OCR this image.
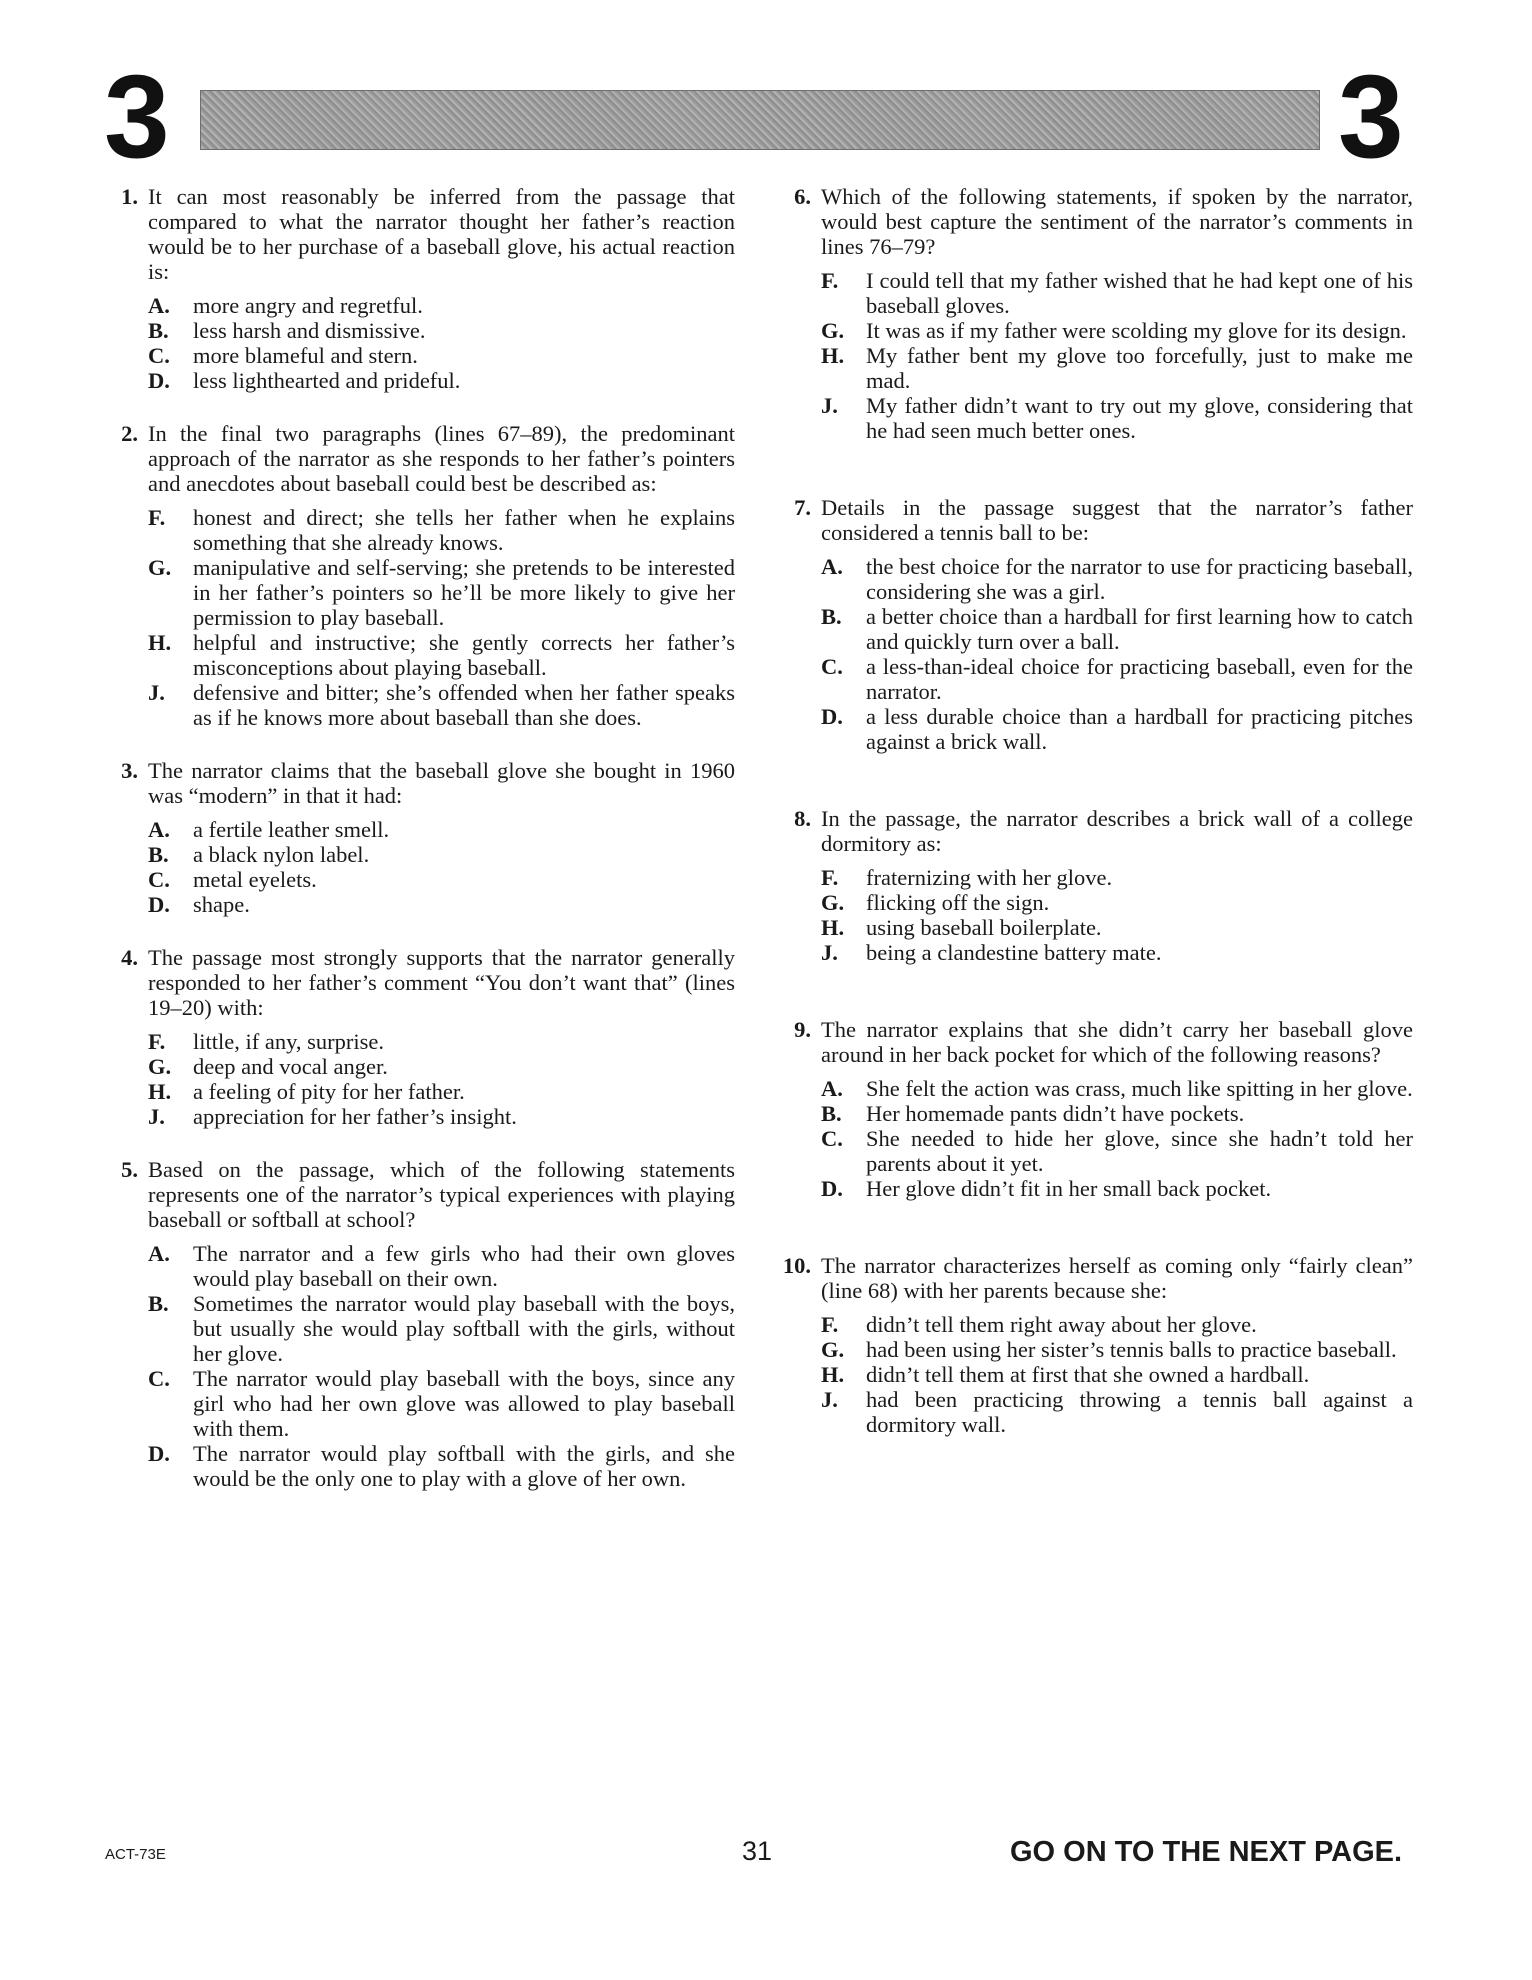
3	3
1. It can most reasonably be inferred from the passage that compared to what the narrator thought her father’s reaction would be to her purchase of a baseball glove, his actual reaction is:
A. more angry and regretful.
B. less harsh and dismissive.
C. more blameful and stern.
D. less lighthearted and prideful.
2. In the final two paragraphs (lines 67–89), the predominant approach of the narrator as she responds to her father’s pointers and anecdotes about baseball could best be described as:
F. honest and direct; she tells her father when he explains something that she already knows.
G. manipulative and self-serving; she pretends to be interested in her father’s pointers so he’ll be more likely to give her permission to play baseball.
H. helpful and instructive; she gently corrects her father’s misconceptions about playing baseball.
J. defensive and bitter; she’s offended when her father speaks as if he knows more about baseball than she does.
3. The narrator claims that the baseball glove she bought in 1960 was “modern” in that it had:
A. a fertile leather smell.
B. a black nylon label.
C. metal eyelets.
D. shape.
4. The passage most strongly supports that the narrator generally responded to her father’s comment “You don’t want that” (lines 19–20) with:
F. little, if any, surprise.
G. deep and vocal anger.
H. a feeling of pity for her father.
J. appreciation for her father’s insight.
5. Based on the passage, which of the following statements represents one of the narrator’s typical experiences with playing baseball or softball at school?
A. The narrator and a few girls who had their own gloves would play baseball on their own.
B. Sometimes the narrator would play baseball with the boys, but usually she would play softball with the girls, without her glove.
C. The narrator would play baseball with the boys, since any girl who had her own glove was allowed to play baseball with them.
D. The narrator would play softball with the girls, and she would be the only one to play with a glove of her own.
6. Which of the following statements, if spoken by the narrator, would best capture the sentiment of the narrator’s comments in lines 76–79?
F. I could tell that my father wished that he had kept one of his baseball gloves.
G. It was as if my father were scolding my glove for its design.
H. My father bent my glove too forcefully, just to make me mad.
J. My father didn’t want to try out my glove, considering that he had seen much better ones.
7. Details in the passage suggest that the narrator’s father considered a tennis ball to be:
A. the best choice for the narrator to use for practicing baseball, considering she was a girl.
B. a better choice than a hardball for first learning how to catch and quickly turn over a ball.
C. a less-than-ideal choice for practicing baseball, even for the narrator.
D. a less durable choice than a hardball for practicing pitches against a brick wall.
8. In the passage, the narrator describes a brick wall of a college dormitory as:
F. fraternizing with her glove.
G. flicking off the sign.
H. using baseball boilerplate.
J. being a clandestine battery mate.
9. The narrator explains that she didn’t carry her baseball glove around in her back pocket for which of the following reasons?
A. She felt the action was crass, much like spitting in her glove.
B. Her homemade pants didn’t have pockets.
C. She needed to hide her glove, since she hadn’t told her parents about it yet.
D. Her glove didn’t fit in her small back pocket.
10. The narrator characterizes herself as coming only “fairly clean” (line 68) with her parents because she:
F. didn’t tell them right away about her glove.
G. had been using her sister’s tennis balls to practice baseball.
H. didn’t tell them at first that she owned a hardball.
J. had been practicing throwing a tennis ball against a dormitory wall.
ACT-73E	31	GO ON TO THE NEXT PAGE.
